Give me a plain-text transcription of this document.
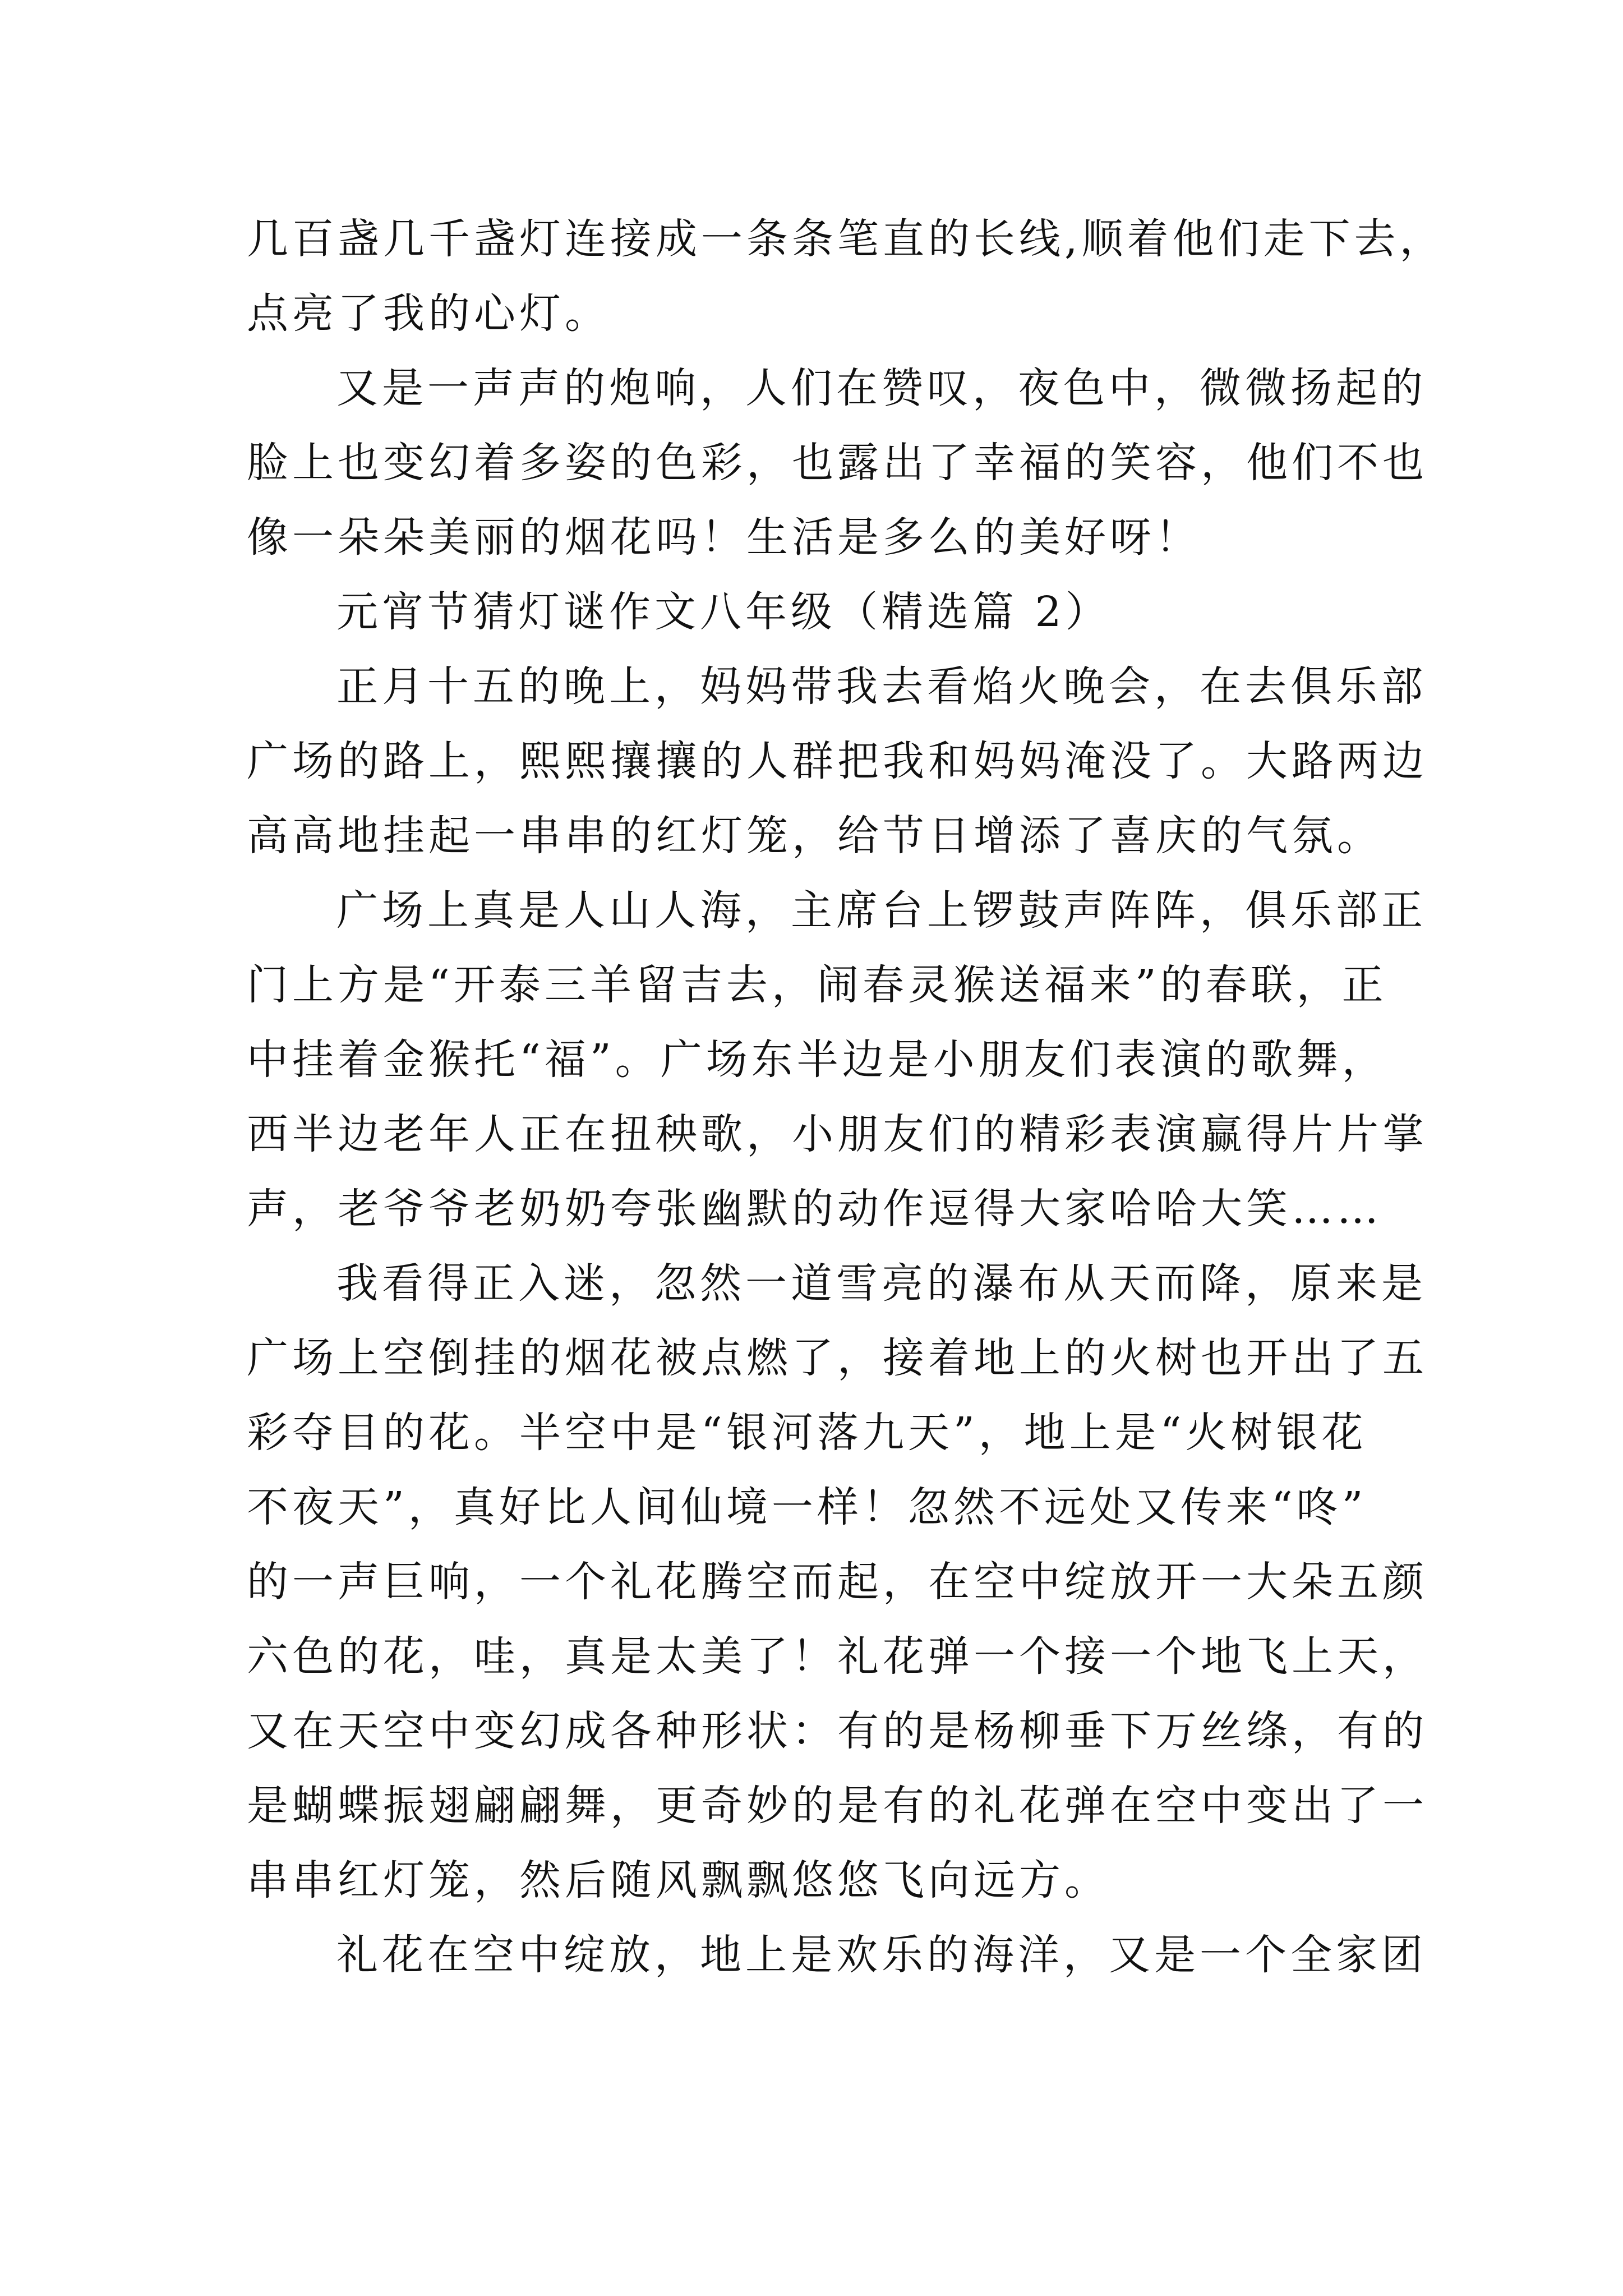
几百盏几千盏灯连接成一条条笔直的长线,顺着他们走下去，
点亮了我的心灯。
又是一声声的炮响，人们在赞叹，夜色中，微微扬起的
脸上也变幻着多姿的色彩，也露出了幸福的笑容，他们不也
像一朵朵美丽的烟花吗！生活是多么的美好呀！
元宵节猜灯谜作文八年级（精选篇 2）
正月十五的晚上，妈妈带我去看焰火晚会，在去俱乐部
广场的路上，熙熙攘攘的人群把我和妈妈淹没了。大路两边
高高地挂起一串串的红灯笼，给节日增添了喜庆的气氛。
广场上真是人山人海，主席台上锣鼓声阵阵，俱乐部正
门上方是“开泰三羊留吉去，闹春灵猴送福来”的春联，正
中挂着金猴托“福”。广场东半边是小朋友们表演的歌舞，
西半边老年人正在扭秧歌，小朋友们的精彩表演赢得片片掌
声，老爷爷老奶奶夸张幽默的动作逗得大家哈哈大笑……
我看得正入迷，忽然一道雪亮的瀑布从天而降，原来是
广场上空倒挂的烟花被点燃了，接着地上的火树也开出了五
彩夺目的花。半空中是“银河落九天”，地上是“火树银花
不夜天”，真好比人间仙境一样！忽然不远处又传来“咚”
的一声巨响，一个礼花腾空而起，在空中绽放开一大朵五颜
六色的花，哇，真是太美了！礼花弹一个接一个地飞上天，
又在天空中变幻成各种形状：有的是杨柳垂下万丝绦，有的
是蝴蝶振翅翩翩舞，更奇妙的是有的礼花弹在空中变出了一
串串红灯笼，然后随风飘飘悠悠飞向远方。
礼花在空中绽放，地上是欢乐的海洋，又是一个全家团
